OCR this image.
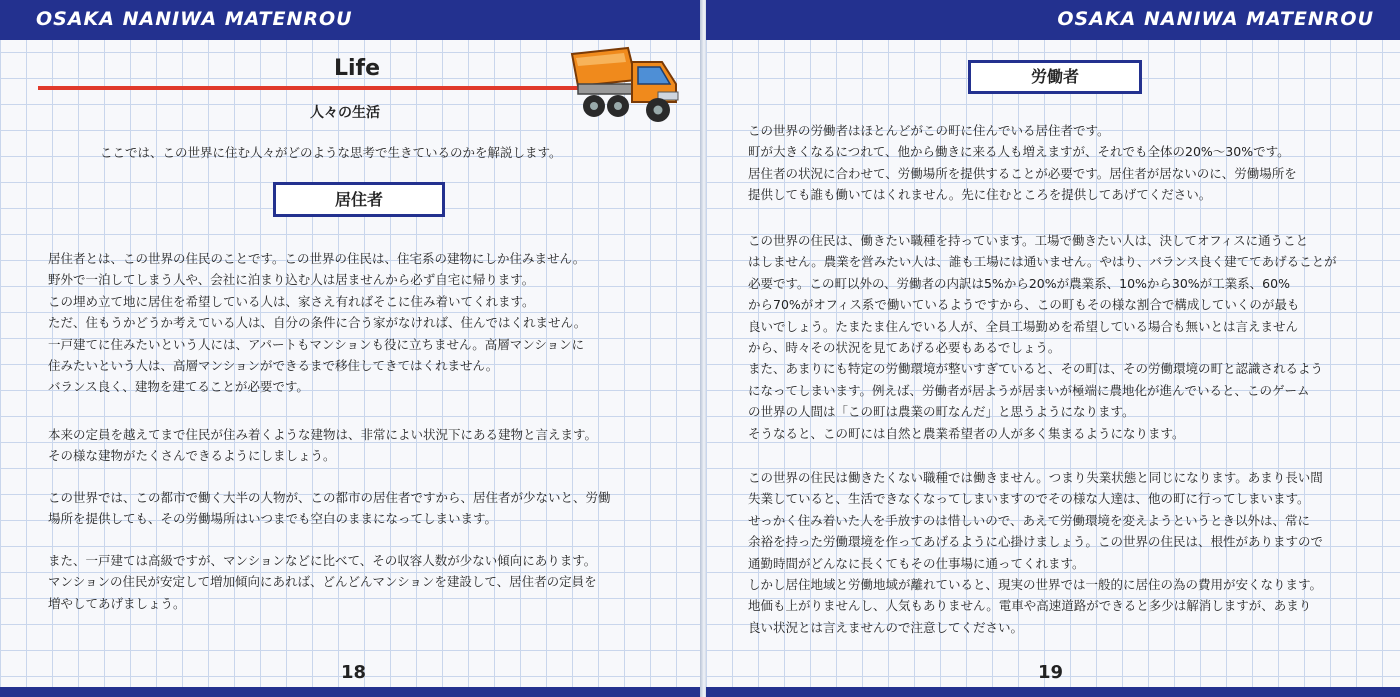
OSAKA NANIWA MATENROU
Life
人々の生活
ここでは、この世界に住む人々がどのような思考で生きているのかを解説します。
居住者
居住者とは、この世界の住民のことです。この世界の住民は、住宅系の建物にしか住みません。
野外で一泊してしまう人や、会社に泊まり込む人は居ませんから必ず自宅に帰ります。
この埋め立て地に居住を希望している人は、家さえ有ればそこに住み着いてくれます。
ただ、住もうかどうか考えている人は、自分の条件に合う家がなければ、住んではくれません。
一戸建てに住みたいという人には、アパートもマンションも役に立ちません。高層マンションに
住みたいという人は、高層マンションができるまで移住してきてはくれません。
バランス良く、建物を建てることが必要です。
本来の定員を越えてまで住民が住み着くような建物は、非常によい状況下にある建物と言えます。
その様な建物がたくさんできるようにしましょう。
この世界では、この都市で働く大半の人物が、この都市の居住者ですから、居住者が少ないと、労働
場所を提供しても、その労働場所はいつまでも空白のままになってしまいます。
また、一戸建ては高級ですが、マンションなどに比べて、その収容人数が少ない傾向にあります。
マンションの住民が安定して増加傾向にあれば、どんどんマンションを建設して、居住者の定員を
増やしてあげましょう。
18
OSAKA NANIWA MATENROU
労働者
この世界の労働者はほとんどがこの町に住んでいる居住者です。
町が大きくなるにつれて、他から働きに来る人も増えますが、それでも全体の20%～30%です。
居住者の状況に合わせて、労働場所を提供することが必要です。居住者が居ないのに、労働場所を
提供しても誰も働いてはくれません。先に住むところを提供してあげてください。
この世界の住民は、働きたい職種を持っています。工場で働きたい人は、決してオフィスに通うこと
はしません。農業を営みたい人は、誰も工場には通いません。やはり、バランス良く建ててあげることが
必要です。この町以外の、労働者の内訳は5%から20%が農業系、10%から30%が工業系、60%
から70%がオフィス系で働いているようですから、この町もその様な割合で構成していくのが最も
良いでしょう。たまたま住んでいる人が、全員工場勤めを希望している場合も無いとは言えません
から、時々その状況を見てあげる必要もあるでしょう。
また、あまりにも特定の労働環境が整いすぎていると、その町は、その労働環境の町と認識されるよう
になってしまいます。例えば、労働者が居ようが居まいが極端に農地化が進んでいると、このゲーム
の世界の人間は「この町は農業の町なんだ」と思うようになります。
そうなると、この町には自然と農業希望者の人が多く集まるようになります。
この世界の住民は働きたくない職種では働きません。つまり失業状態と同じになります。あまり長い間
失業していると、生活できなくなってしまいますのでその様な人達は、他の町に行ってしまいます。
せっかく住み着いた人を手放すのは惜しいので、あえて労働環境を変えようというとき以外は、常に
余裕を持った労働環境を作ってあげるように心掛けましょう。この世界の住民は、根性がありますので
通勤時間がどんなに長くてもその仕事場に通ってくれます。
しかし居住地域と労働地域が離れていると、現実の世界では一般的に居住の為の費用が安くなります。
地価も上がりませんし、人気もありません。電車や高速道路ができると多少は解消しますが、あまり
良い状況とは言えませんので注意してください。
19
